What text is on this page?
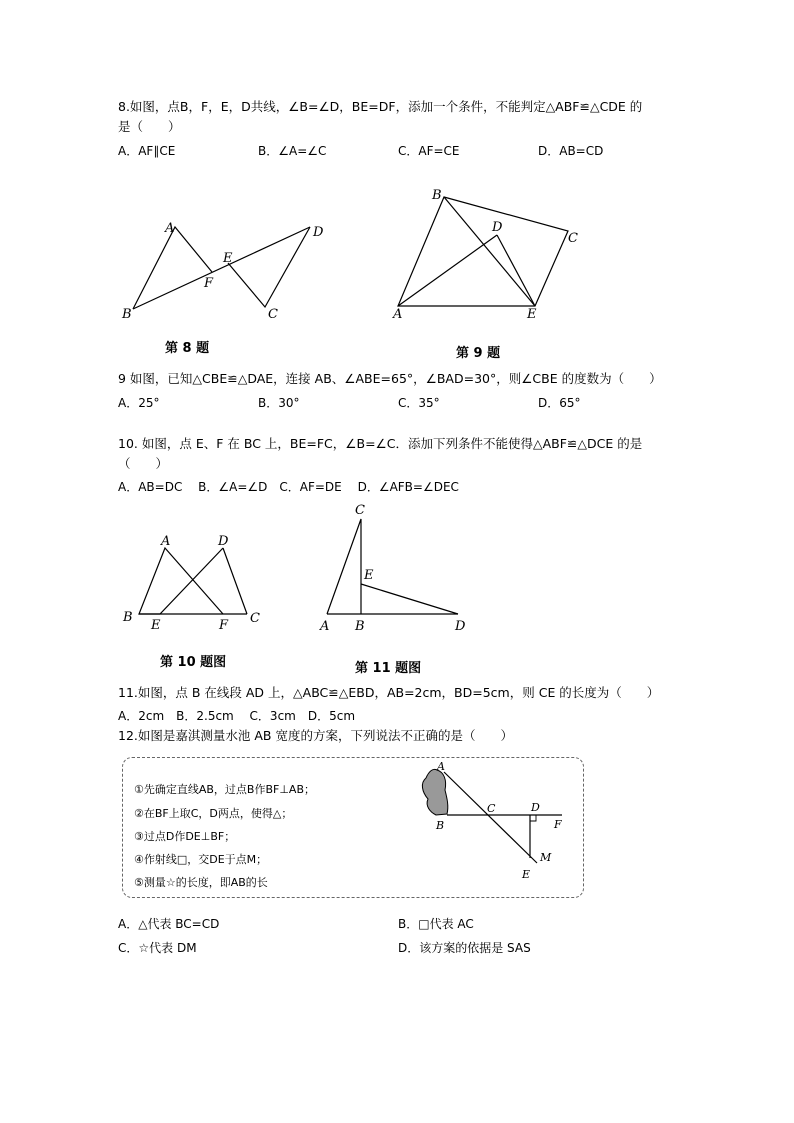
8.如图，点B，F，E，D共线，∠B=∠D，BE=DF，添加一个条件，不能判定△ABF≌△CDE 的
是（　　）
A．AF∥CE	B．∠A=∠C	C．AF=CE	D．AB=CD
A
B
F
E
C
D
B
D
C
A	E
A	D
B
E	F C
C
E
A B	D
A
B
C	D
F
M
E
第 8 题	第 9 题
9 如图，已知△CBE≌△DAE，连接 AB、∠ABE=65°，∠BAD=30°，则∠CBE 的度数为（　　）
A．25°	B．30°	C．35°	D．65°
10. 如图，点 E、F 在 BC 上，BE=FC，∠B=∠C．添加下列条件不能使得△ABF≌△DCE 的是
（　　）
A．AB=DC　 B．∠A=∠D　C．AF=DE　 D．∠AFB=∠DEC
第 10 题图	第 11 题图
11.如图，点 B 在线段 AD 上，△ABC≌△EBD，AB=2cm，BD=5cm，则 CE 的长度为（　　）
A．2cm　B．2.5cm　 C．3cm　D．5cm
12.如图是嘉淇测量水池 AB 宽度的方案，下列说法不正确的是（　　）
①先确定直线AB，过点B作BF⊥AB；
②在BF上取C，D两点，使得△；
③过点D作DE⊥BF；
④作射线□，交DE于点M；
⑤测量☆的长度，即AB的长
A．△代表 BC=CD	B．□代表 AC
C．☆代表 DM	D．该方案的依据是 SAS
